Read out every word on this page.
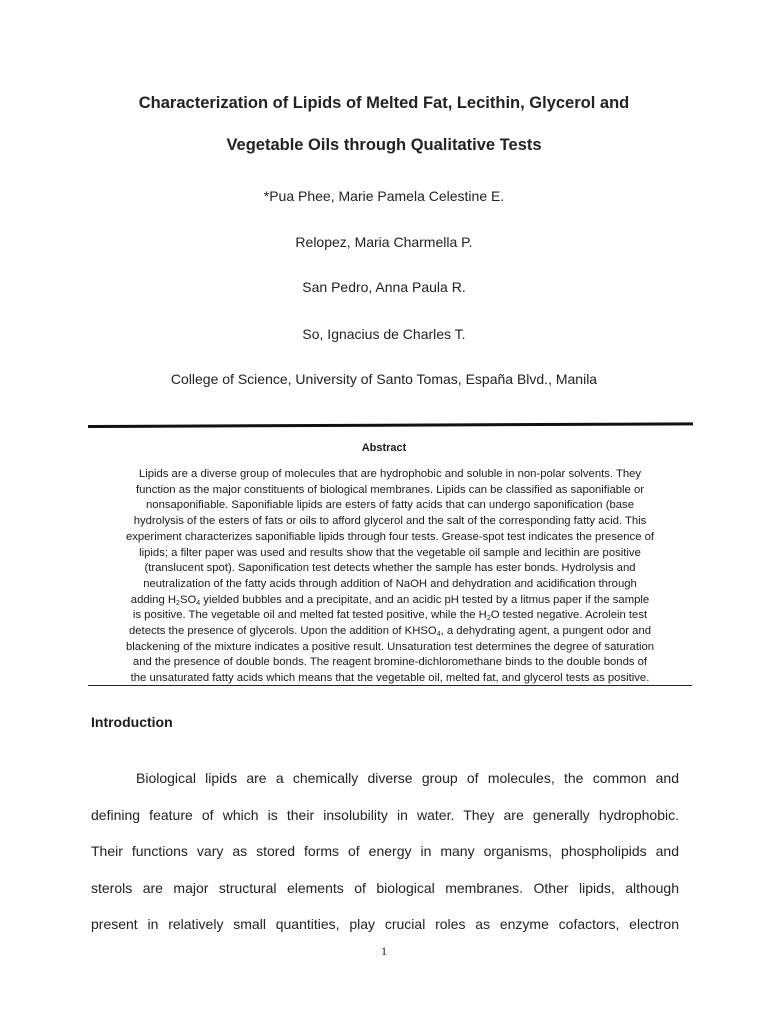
Characterization of Lipids of Melted Fat, Lecithin, Glycerol and
Vegetable Oils through Qualitative Tests
*Pua Phee, Marie Pamela Celestine E.
Relopez, Maria Charmella P.
San Pedro, Anna Paula R.
So, Ignacius de Charles T.
College of Science, University of Santo Tomas, España Blvd., Manila
Abstract
Lipids are a diverse group of molecules that are hydrophobic and soluble in non-polar solvents. They
function as the major constituents of biological membranes. Lipids can be classified as saponifiable or
nonsaponifiable. Saponifiable lipids are esters of fatty acids that can undergo saponification (base
hydrolysis of the esters of fats or oils to afford glycerol and the salt of the corresponding fatty acid. This
experiment characterizes saponifiable lipids through four tests. Grease-spot test indicates the presence of
lipids; a filter paper was used and results show that the vegetable oil sample and lecithin are positive
(translucent spot). Saponification test detects whether the sample has ester bonds. Hydrolysis and
neutralization of the fatty acids through addition of NaOH and dehydration and acidification through
adding $H_2SO_4$ yielded bubbles and a precipitate, and an acidic pH tested by a litmus paper if the sample
is positive. The vegetable oil and melted fat tested positive, while the $H_2O$ tested negative. Acrolein test
detects the presence of glycerols. Upon the addition of $KHSO_4$, a dehydrating agent, a pungent odor and
blackening of the mixture indicates a positive result. Unsaturation test determines the degree of saturation
and the presence of double bonds. The reagent bromine-dichloromethane binds to the double bonds of
the unsaturated fatty acids which means that the vegetable oil, melted fat, and glycerol tests as positive.
Introduction
Biological lipids are a chemically diverse group of molecules, the common and
defining feature of which is their insolubility in water. They are generally hydrophobic.
Their functions vary as stored forms of energy in many organisms, phospholipids and
sterols are major structural elements of biological membranes. Other lipids, although
present in relatively small quantities, play crucial roles as enzyme cofactors, electron
1
